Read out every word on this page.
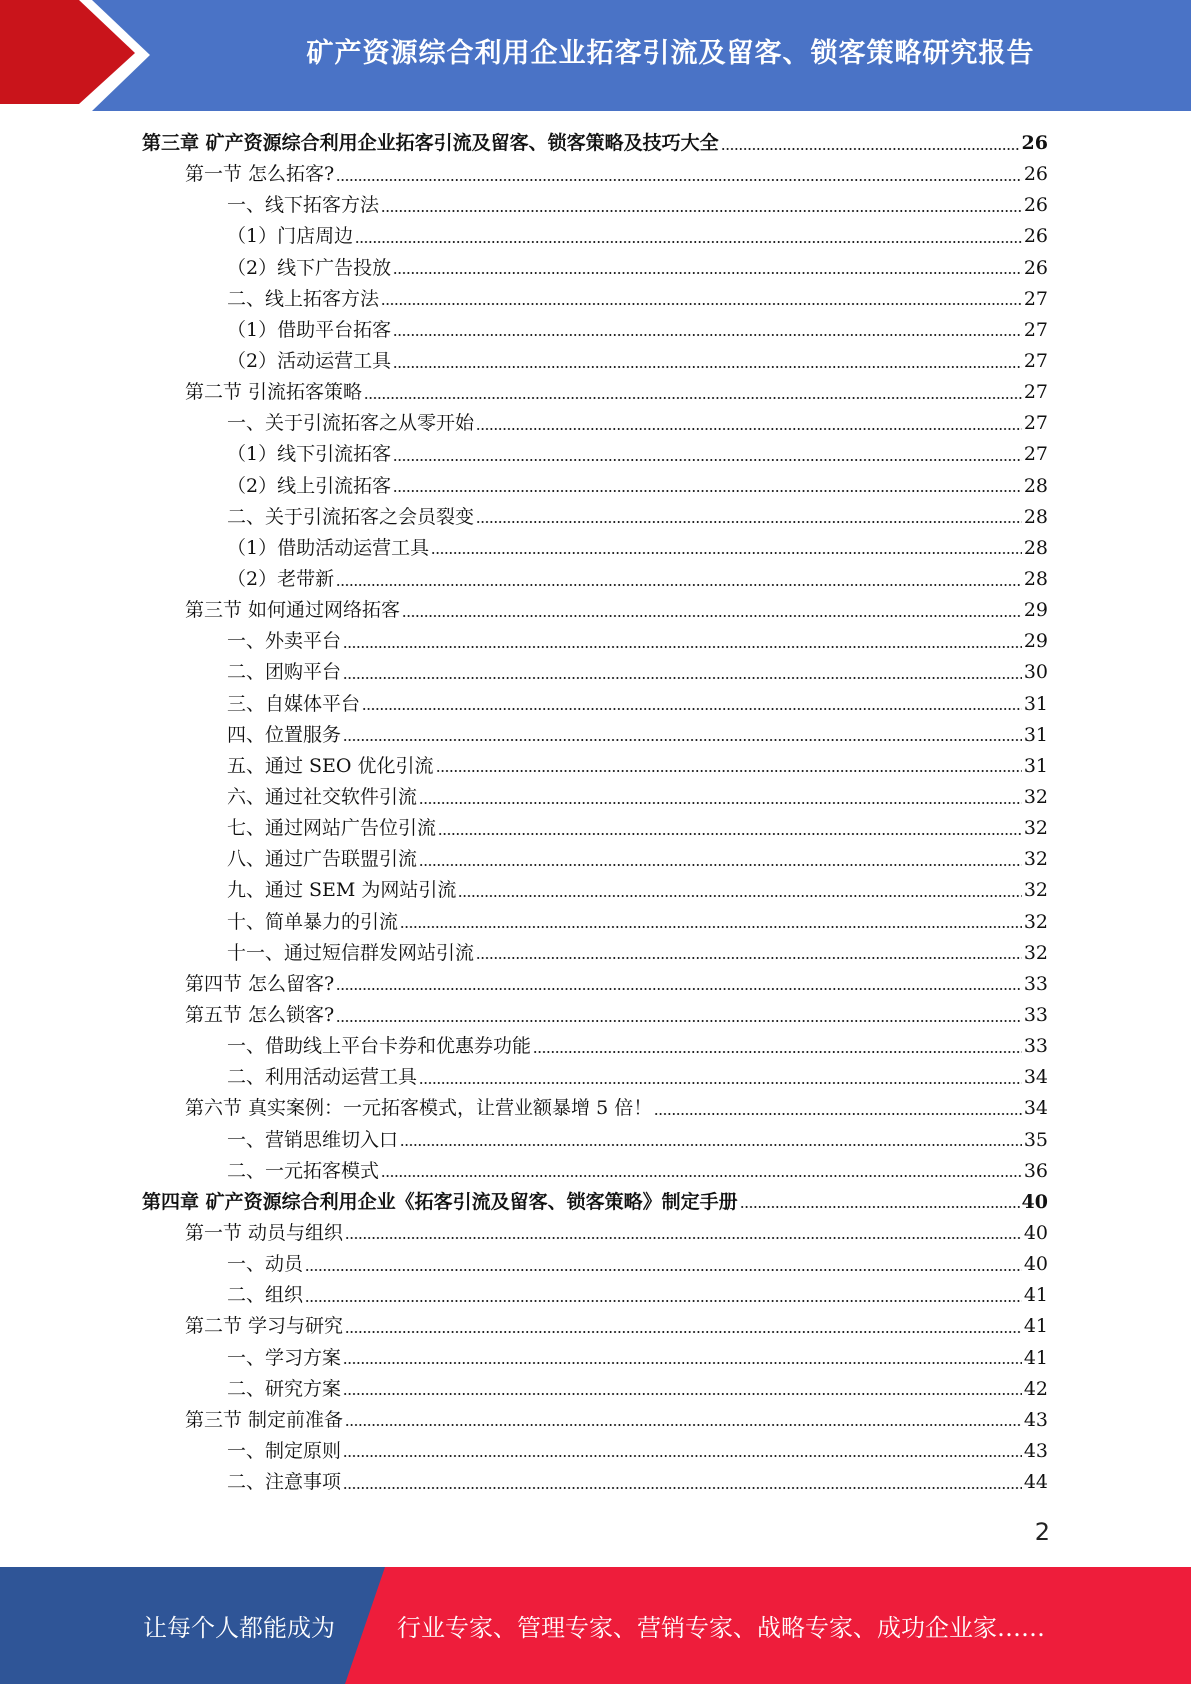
矿产资源综合利用企业拓客引流及留客、锁客策略研究报告
第三章 矿产资源综合利用企业拓客引流及留客、锁客策略及技巧大全	26
第一节 怎么拓客?	26
一、线下拓客方法	26
（1）门店周边	26
（2）线下广告投放	26
二、线上拓客方法	27
（1）借助平台拓客	27
（2）活动运营工具	27
第二节 引流拓客策略	27
一、关于引流拓客之从零开始	27
（1）线下引流拓客	27
（2）线上引流拓客	28
二、关于引流拓客之会员裂变	28
（1）借助活动运营工具	28
（2）老带新	28
第三节 如何通过网络拓客	29
一、外卖平台	29
二、团购平台	30
三、自媒体平台	31
四、位置服务	31
五、通过 SEO 优化引流	31
六、通过社交软件引流	32
七、通过网站广告位引流	32
八、通过广告联盟引流	32
九、通过 SEM 为网站引流	32
十、简单暴力的引流	32
十一、通过短信群发网站引流	32
第四节 怎么留客?	33
第五节 怎么锁客?	33
一、借助线上平台卡券和优惠券功能	33
二、利用活动运营工具	34
第六节 真实案例：一元拓客模式，让营业额暴增 5 倍！	34
一、营销思维切入口	35
二、一元拓客模式	36
第四章 矿产资源综合利用企业《拓客引流及留客、锁客策略》制定手册	40
第一节 动员与组织	40
一、动员	40
二、组织	41
第二节 学习与研究	41
一、学习方案	41
二、研究方案	42
第三节 制定前准备	43
一、制定原则	43
二、注意事项	44
2
让每个人都能成为	行业专家、管理专家、营销专家、战略专家、成功企业家……
